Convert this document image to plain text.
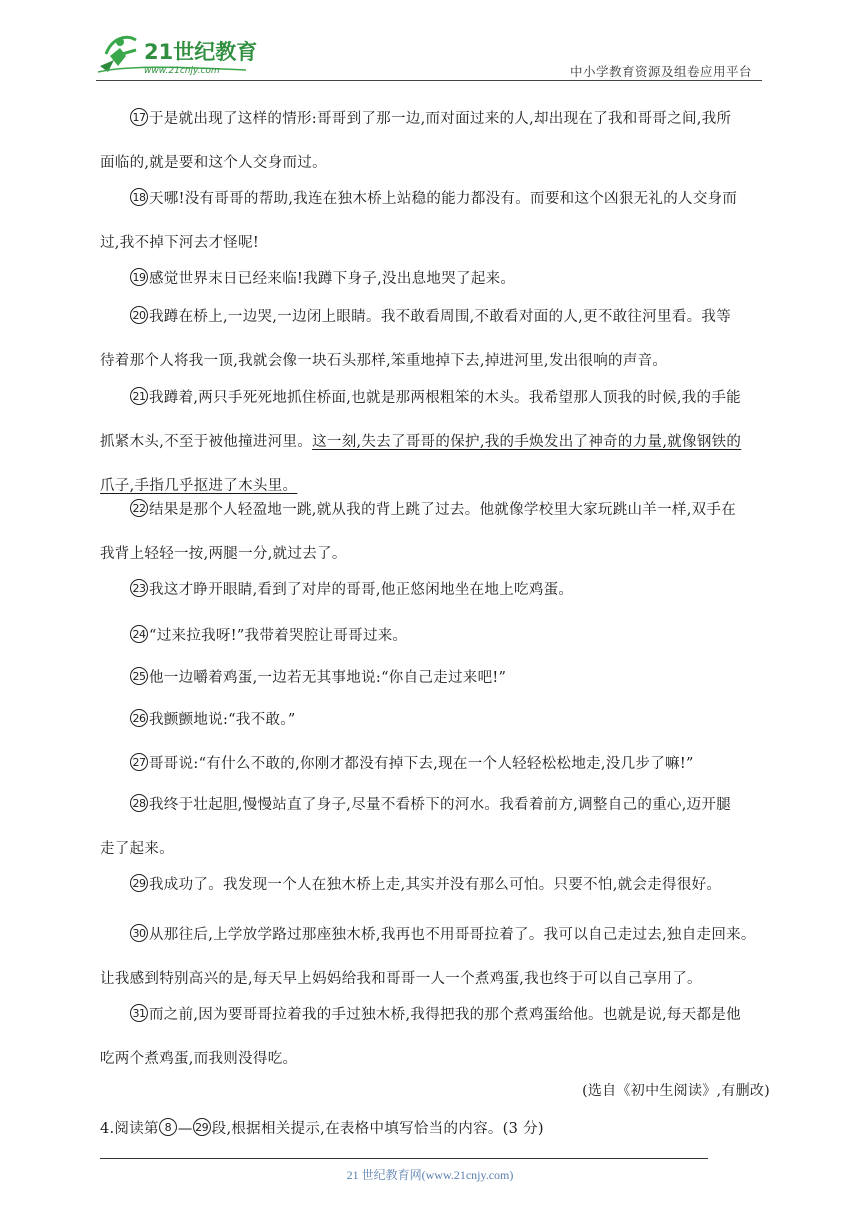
21世纪教育
www.21cnjy.com	中小学教育资源及组卷应用平台

17 于是就出现了这样的情形:哥哥到了那一边,而对面过来的人,却出现在了我和哥哥之间,我所

面临的,就是要和这个人交身而过。

18 天哪!没有哥哥的帮助,我连在独木桥上站稳的能力都没有。而要和这个凶狠无礼的人交身而

过,我不掉下河去才怪呢!

19 感觉世界末日已经来临!我蹲下身子,没出息地哭了起来。

20 我蹲在桥上,一边哭,一边闭上眼睛。我不敢看周围,不敢看对面的人,更不敢往河里看。我等

待着那个人将我一顶,我就会像一块石头那样,笨重地掉下去,掉进河里,发出很响的声音。

21 我蹲着,两只手死死地抓住桥面,也就是那两根粗笨的木头。我希望那人顶我的时候,我的手能

抓紧木头,不至于被他撞进河里。这一刻,失去了哥哥的保护,我的手焕发出了神奇的力量,就像钢铁的

爪子,手指几乎抠进了木头里。

22 结果是那个人轻盈地一跳,就从我的背上跳了过去。他就像学校里大家玩跳山羊一样,双手在

我背上轻轻一按,两腿一分,就过去了。

23 我这才睁开眼睛,看到了对岸的哥哥,他正悠闲地坐在地上吃鸡蛋。

24 “过来拉我呀!”我带着哭腔让哥哥过来。

25 他一边嚼着鸡蛋,一边若无其事地说:“你自己走过来吧!”

26 我颤颤地说:“我不敢。”

27 哥哥说:“有什么不敢的,你刚才都没有掉下去,现在一个人轻轻松松地走,没几步了嘛!”

28 我终于壮起胆,慢慢站直了身子,尽量不看桥下的河水。我看着前方,调整自己的重心,迈开腿

走了起来。

29 我成功了。我发现一个人在独木桥上走,其实并没有那么可怕。只要不怕,就会走得很好。

30 从那往后,上学放学路过那座独木桥,我再也不用哥哥拉着了。我可以自己走过去,独自走回来。

让我感到特别高兴的是,每天早上妈妈给我和哥哥一人一个煮鸡蛋,我也终于可以自己享用了。

31 而之前,因为要哥哥拉着我的手过独木桥,我得把我的那个煮鸡蛋给他。也就是说,每天都是他

吃两个煮鸡蛋,而我则没得吃。

(选自《初中生阅读》,有删改)
4.阅读第 8 — 29 段,根据相关提示,在表格中填写恰当的内容。(3 分)
21 世纪教育网(www.21cnjy.com)
